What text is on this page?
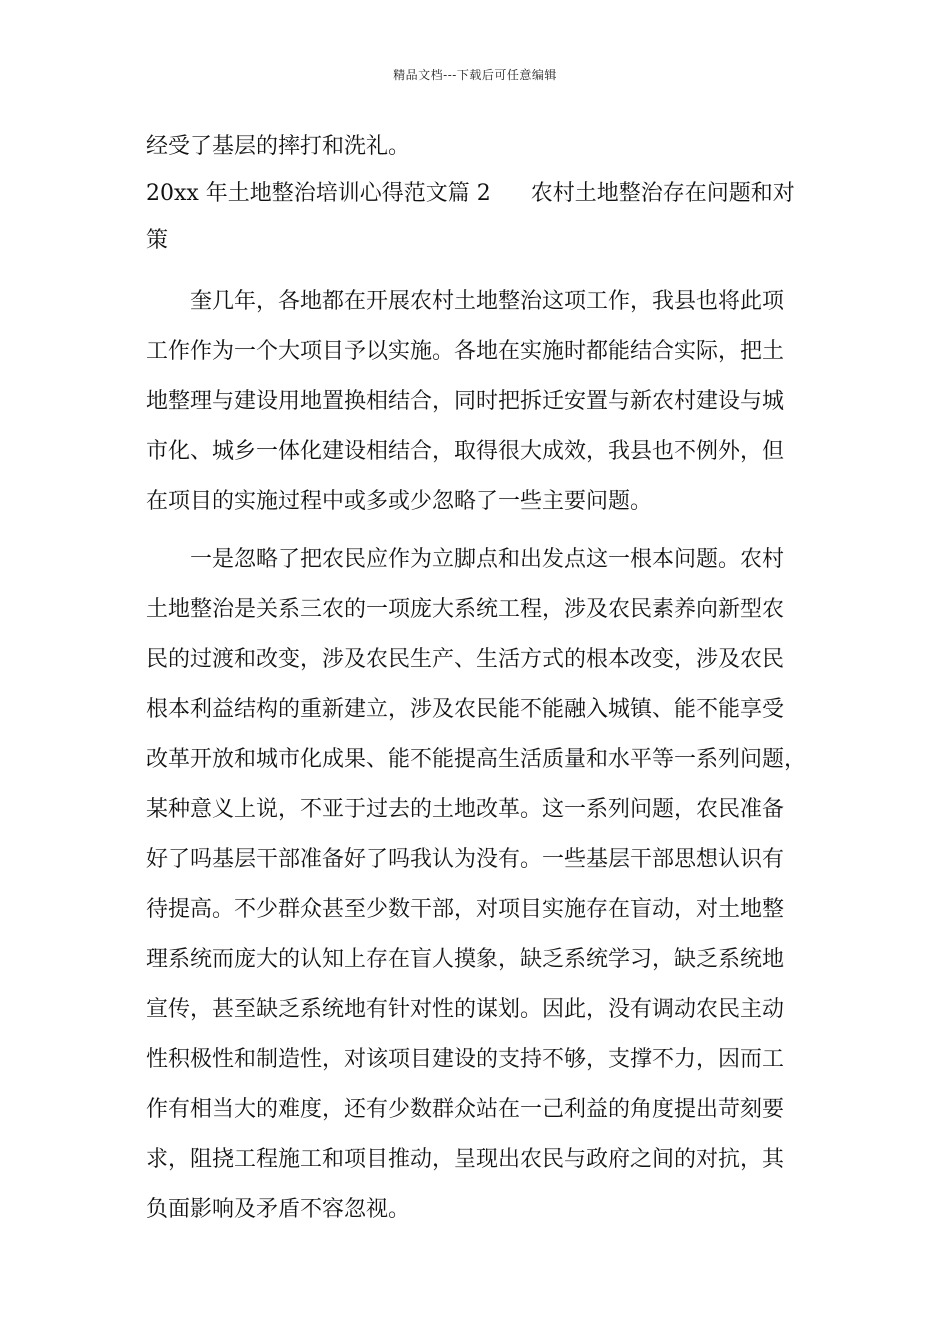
精品文档---下载后可任意编辑
经受了基层的摔打和洗礼。
20xx 年土地整治培训心得范文篇 2 农村土地整治存在问题和对
策
奎几年，各地都在开展农村土地整治这项工作，我县也将此项
工作作为一个大项目予以实施。各地在实施时都能结合实际，把土
地整理与建设用地置换相结合，同时把拆迁安置与新农村建设与城
市化、城乡一体化建设相结合，取得很大成效，我县也不例外，但
在项目的实施过程中或多或少忽略了一些主要问题。
一是忽略了把农民应作为立脚点和出发点这一根本问题。农村
土地整治是关系三农的一项庞大系统工程，涉及农民素养向新型农
民的过渡和改变，涉及农民生产、生活方式的根本改变，涉及农民
根本利益结构的重新建立，涉及农民能不能融入城镇、能不能享受
改革开放和城市化成果、能不能提高生活质量和水平等一系列问题，
某种意义上说，不亚于过去的土地改革。这一系列问题，农民准备
好了吗基层干部准备好了吗我认为没有。一些基层干部思想认识有
待提高。不少群众甚至少数干部，对项目实施存在盲动，对土地整
理系统而庞大的认知上存在盲人摸象，缺乏系统学习，缺乏系统地
宣传，甚至缺乏系统地有针对性的谋划。因此，没有调动农民主动
性积极性和制造性，对该项目建设的支持不够，支撑不力，因而工
作有相当大的难度，还有少数群众站在一己利益的角度提出苛刻要
求，阻挠工程施工和项目推动，呈现出农民与政府之间的对抗，其
负面影响及矛盾不容忽视。
